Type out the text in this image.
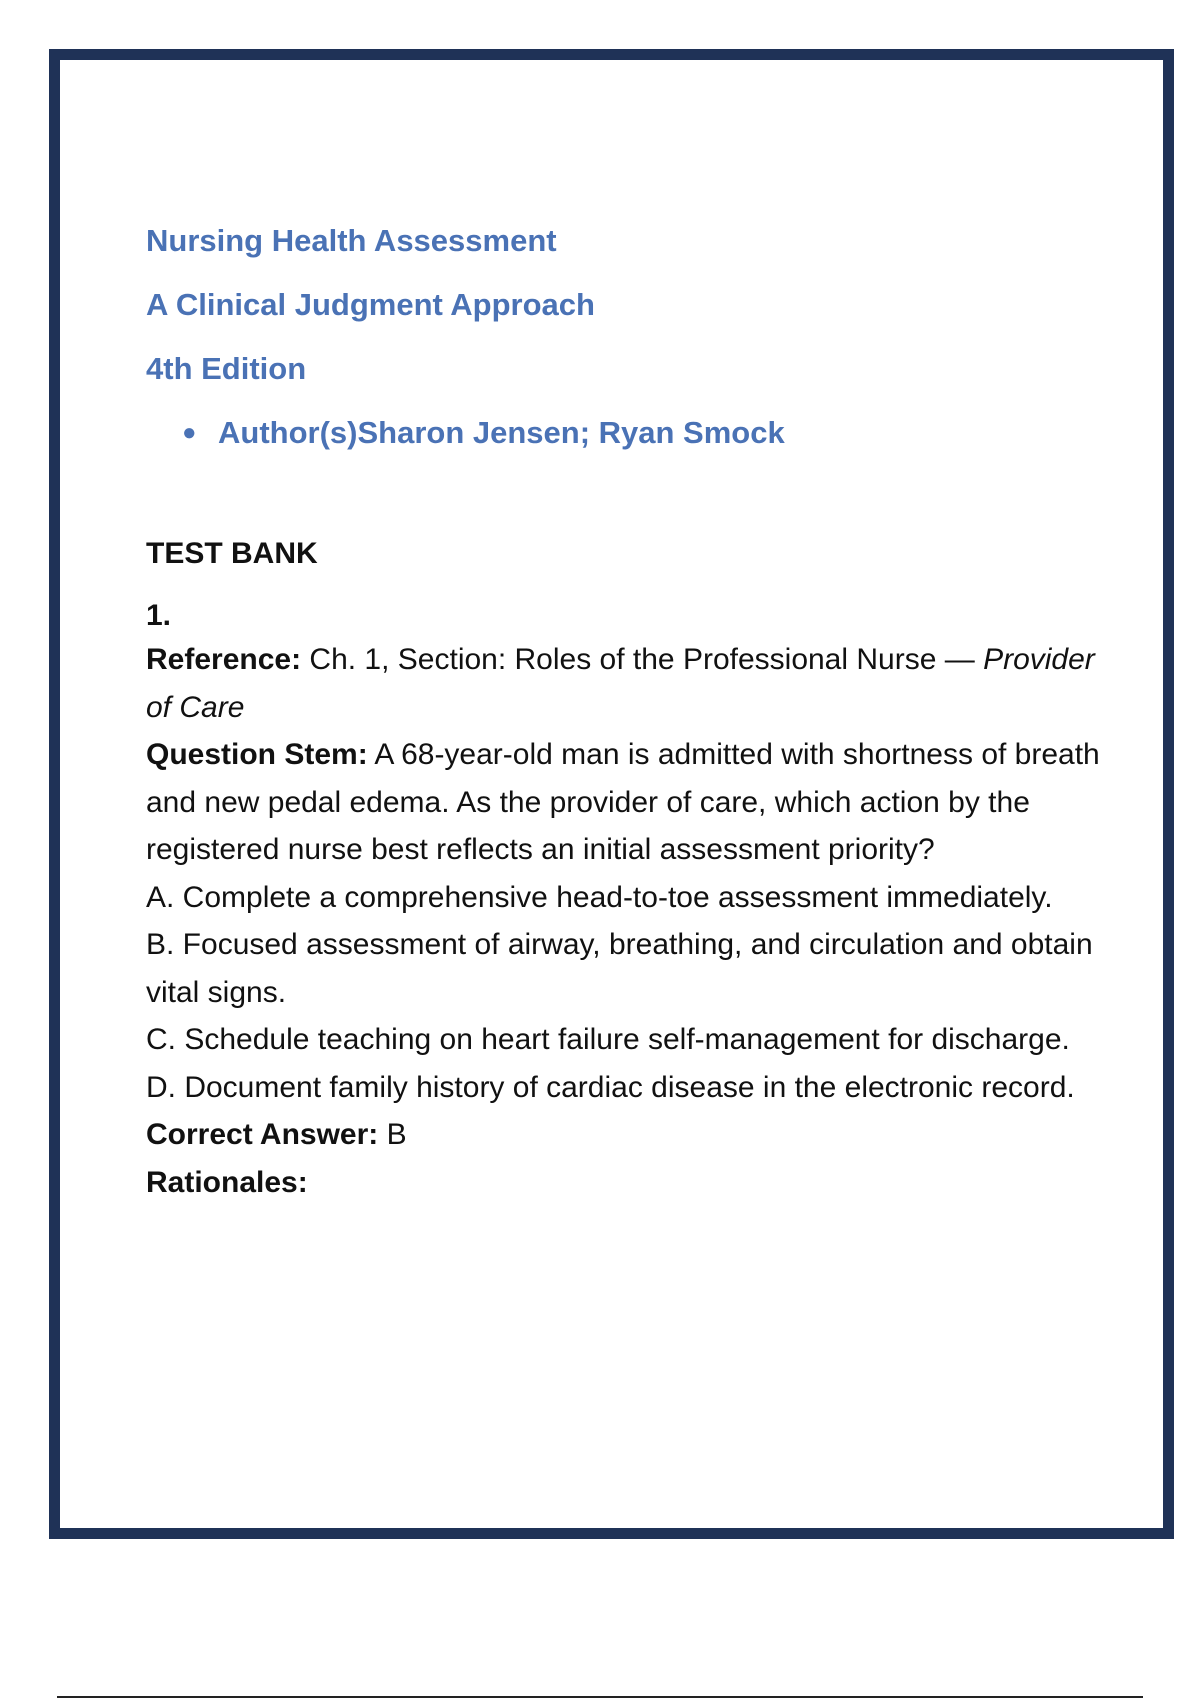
Nursing Health Assessment
A Clinical Judgment Approach
4th Edition
● Author(s)Sharon Jensen; Ryan Smock
TEST BANK
1.

Reference: Ch. 1, Section: Roles of the Professional Nurse — Provider of Care

Question Stem: A 68-year-old man is admitted with shortness of breath and new pedal edema. As the provider of care, which action by the registered nurse best reflects an initial assessment priority?

A. Complete a comprehensive head-to-toe assessment immediately.

B. Focused assessment of airway, breathing, and circulation and obtain vital signs.

C. Schedule teaching on heart failure self-management for discharge.

D. Document family history of cardiac disease in the electronic record.

Correct Answer: B

Rationales:
